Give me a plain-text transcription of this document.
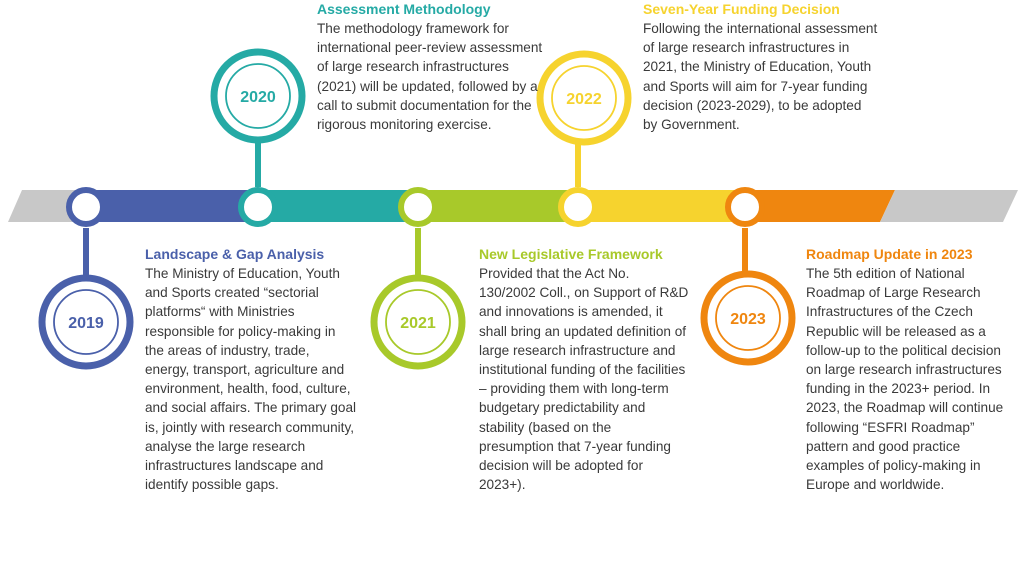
2019
2020
2021
2022
2023

Landscape & Gap Analysis

The Ministry of Education, Youth and Sports created “sectorial platforms“ with Ministries responsible for policy-making in the areas of industry, trade, energy, transport, agriculture and environment, health, food, culture, and social affairs. The primary goal is, jointly with research community, analyse the large research infrastructures landscape and identify possible gaps.

Assessment Methodology

The methodology framework for international peer-review assessment of large research infrastructures (2021) will be updated, followed by a call to submit documentation for the rigorous monitoring exercise.

New Legislative Framework

Provided that the Act No. 130/2002 Coll., on Support of R&D and innovations is amended, it shall bring an updated definition of large research infrastructure and institutional funding of the facilities – providing them with long-term budgetary predictability and stability (based on the presumption that 7-year funding decision will be adopted for 2023+).

Seven-Year Funding Decision

Following the international assessment of large research infrastructures in 2021, the Ministry of Education, Youth and Sports will aim for 7-year funding decision (2023-2029), to be adopted by Government.

Roadmap Update in 2023

The 5th edition of National Roadmap of Large Research Infrastructures of the Czech Republic will be released as a follow-up to the political decision on large research infrastructures funding in the 2023+ period. In 2023, the Roadmap will continue following “ESFRI Roadmap” pattern and good practice examples of policy-making in Europe and worldwide.
